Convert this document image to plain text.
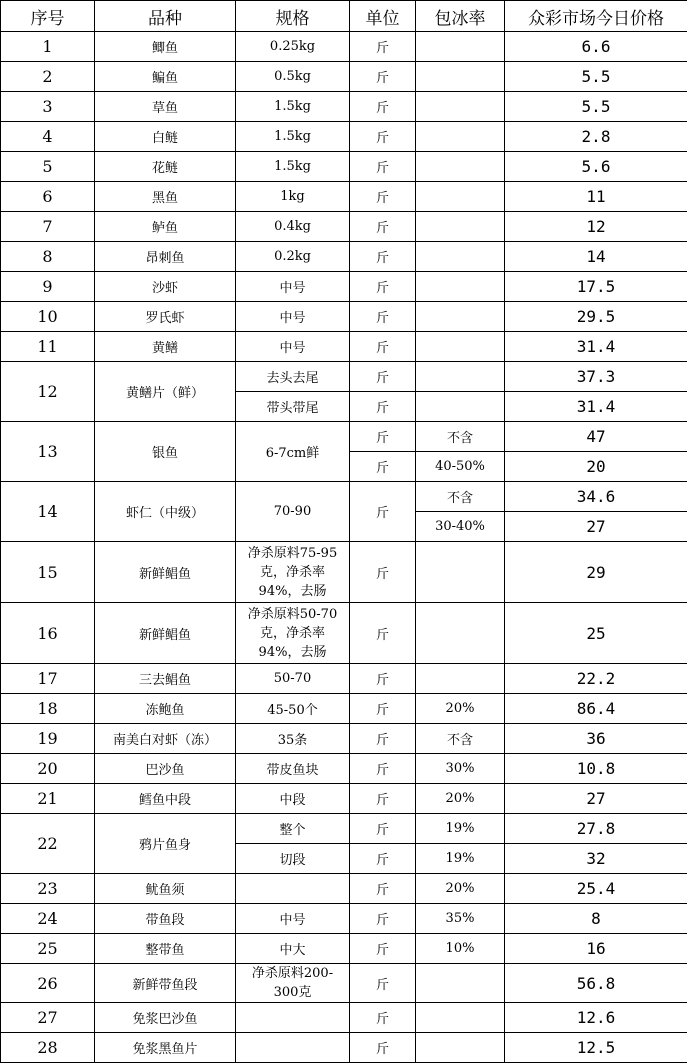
序号	品种	规格	单位	包冰率	众彩市场今日价格
1	鲫鱼	0.25kg	斤		6.6
2	鳊鱼	0.5kg	斤		5.5
3	草鱼	1.5kg	斤		5.5
4	白鲢	1.5kg	斤		2.8
5	花鲢	1.5kg	斤		5.6
6	黑鱼	1kg	斤		11
7	鲈鱼	0.4kg	斤		12
8	昂刺鱼	0.2kg	斤		14
9	沙虾	中号	斤		17.5
10	罗氏虾	中号	斤		29.5
11	黄鳝	中号	斤		31.4
12	黄鳝片（鲜）	去头去尾	斤		37.3
		带头带尾	斤		31.4
13	银鱼	6-7cm鲜	斤	不含	47
			斤	40-50%	20
14	虾仁（中级）	70-90	斤	不含	34.6
				30-40%	27
15	新鲜鲳鱼	净杀原料75-95
克，净杀率
94%，去肠	斤		29
16	新鲜鲳鱼	净杀原料50-70
克，净杀率
94%，去肠	斤		25
17	三去鲳鱼	50-70	斤		22.2
18	冻鲍鱼	45-50个	斤	20%	86.4
19	南美白对虾（冻）	35条	斤	不含	36
20	巴沙鱼	带皮鱼块	斤	30%	10.8
21	鳕鱼中段	中段	斤	20%	27
22	鸦片鱼身	整个	斤	19%	27.8
		切段	斤	19%	32
23	鱿鱼须		斤	20%	25.4
24	带鱼段	中号	斤	35%	8
25	整带鱼	中大	斤	10%	16
26	新鲜带鱼段	净杀原料200-
300克	斤		56.8
27	免浆巴沙鱼		斤		12.6
28	免浆黑鱼片		斤		12.5
